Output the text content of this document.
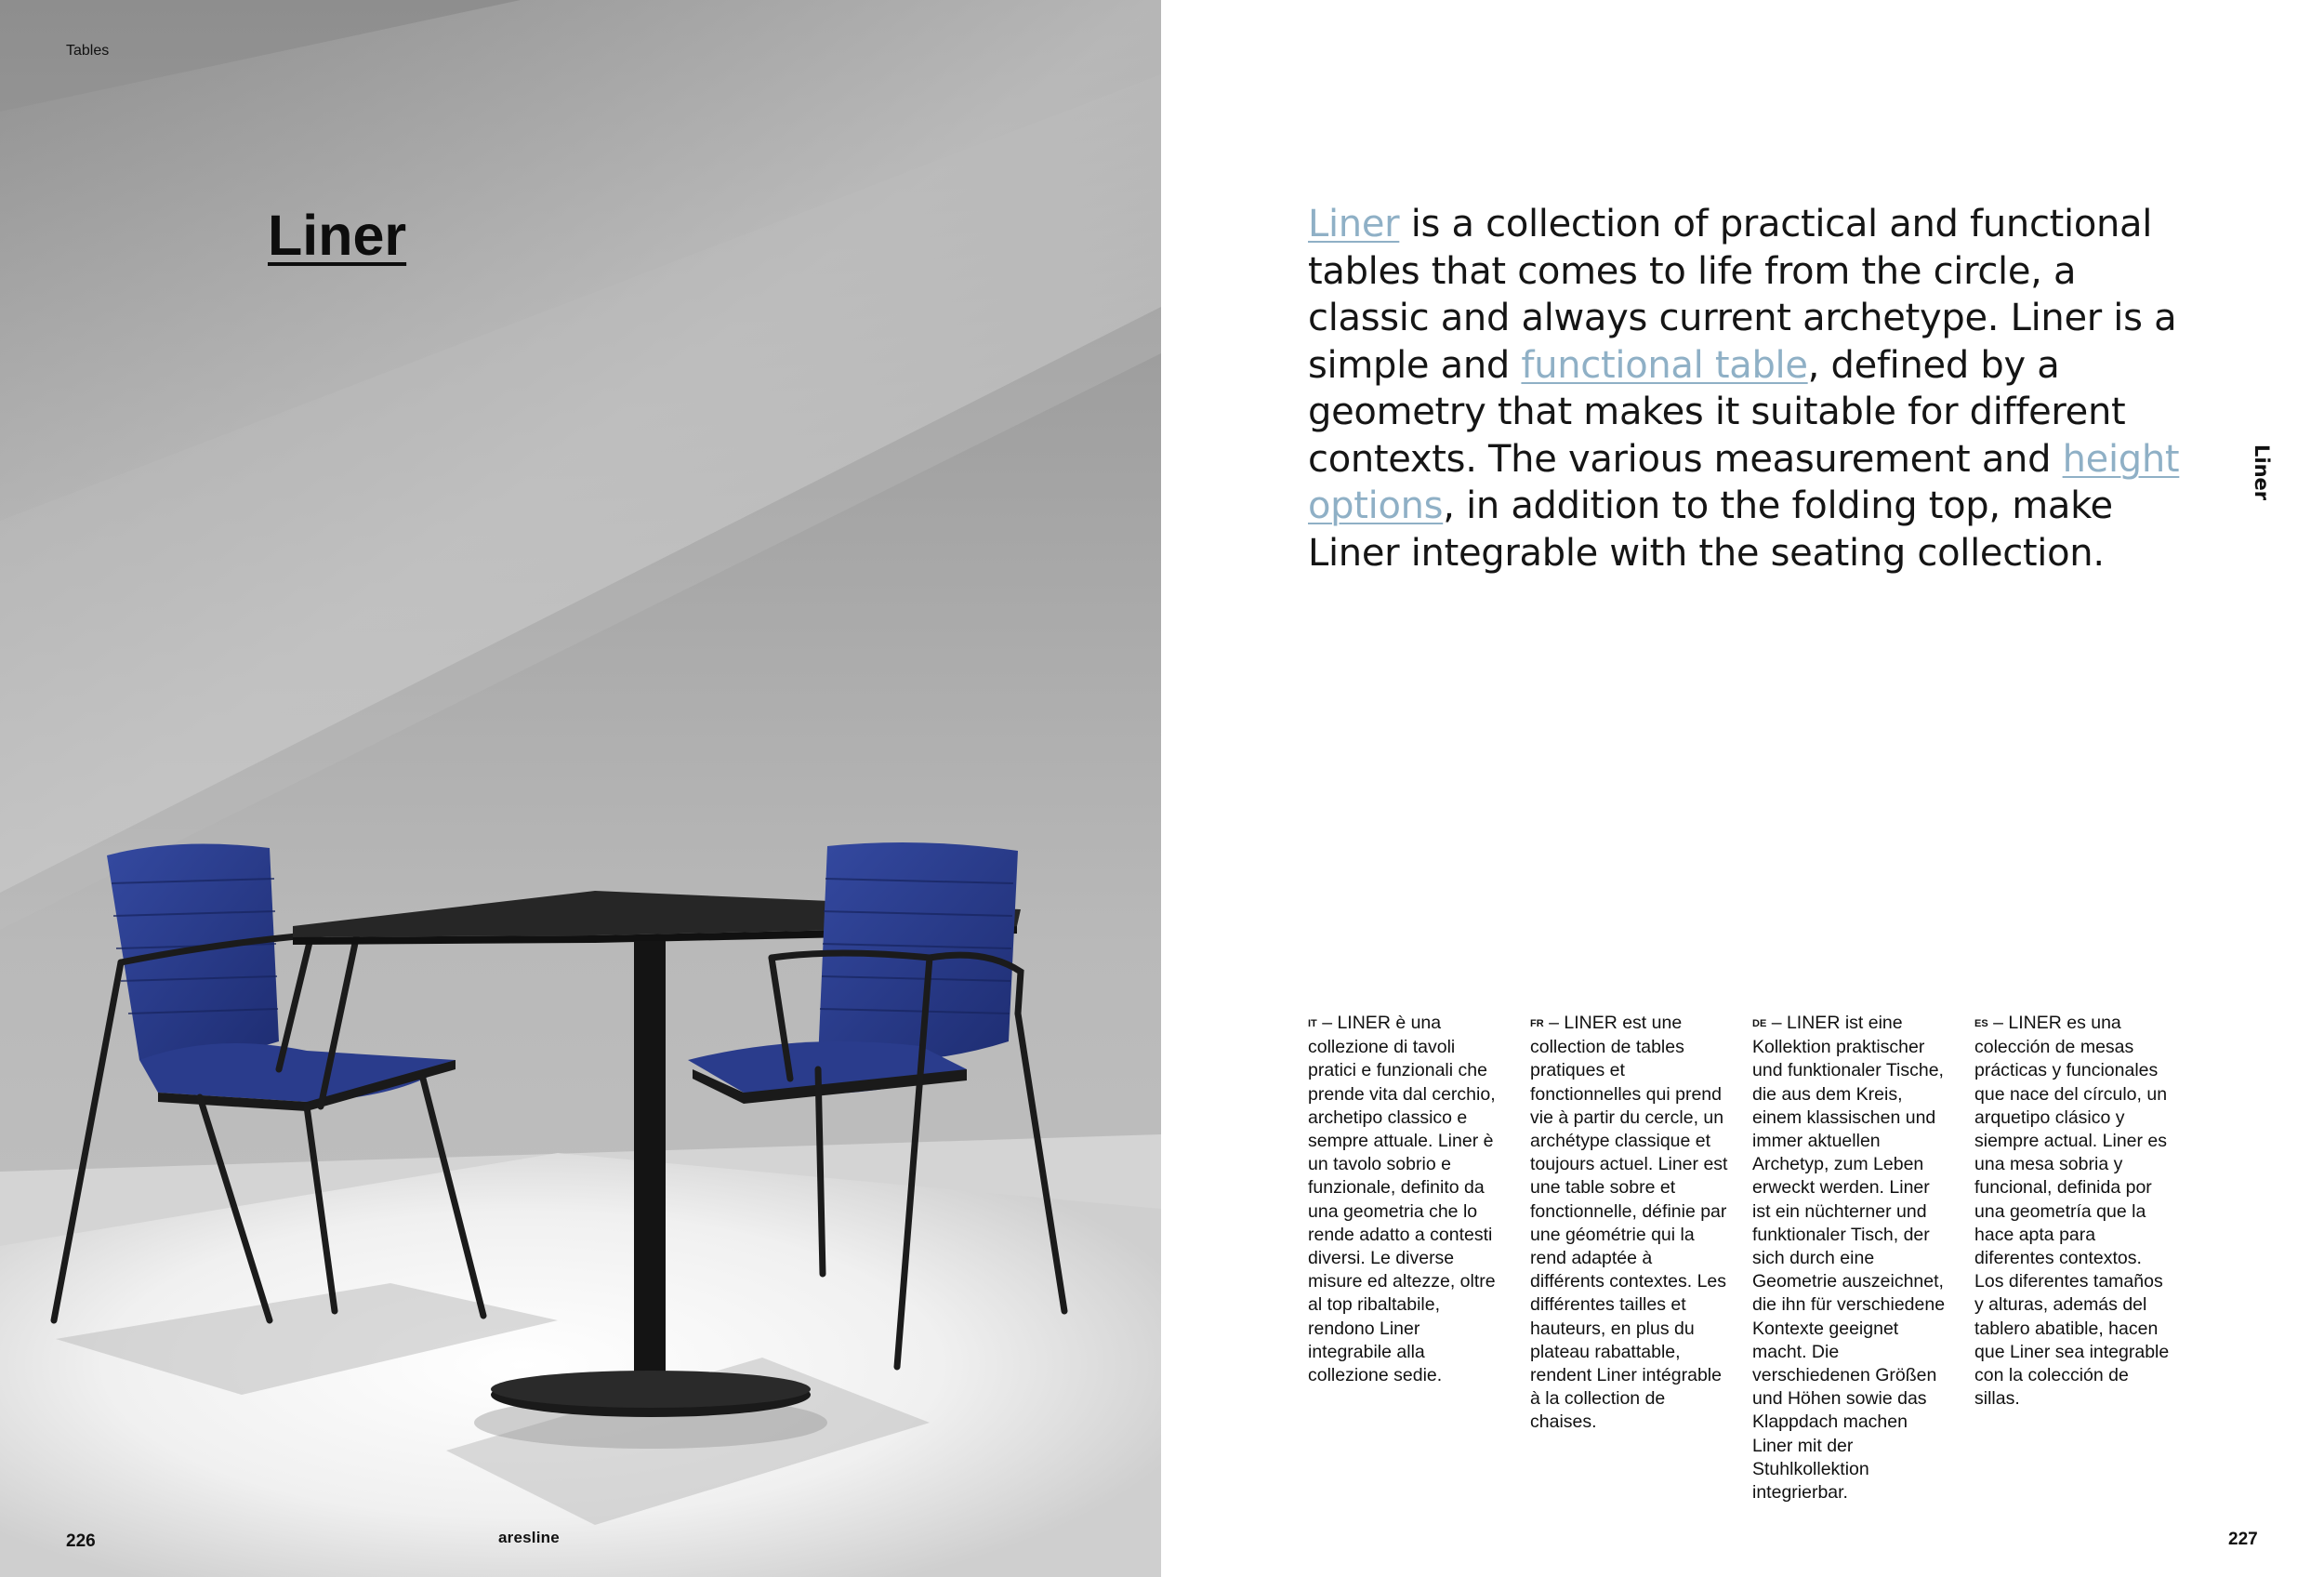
Tables
Liner
226	aresline
Liner is a collection of practical and functional tables that comes to life from the circle, a classic and always current archetype. Liner is a simple and functional table, defined by a geometry that makes it suitable for different contexts. The various measurement and height options, in addition to the folding top, make Liner integrable with the seating collection.
Liner
IT – LINER è una collezione di tavoli pratici e funzionali che prende vita dal cerchio, archetipo classico e sempre attuale. Liner è un tavolo sobrio e funzionale, definito da una geometria che lo rende adatto a contesti diversi. Le diverse misure ed altezze, oltre al top ribaltabile, rendono Liner integrabile alla collezione sedie.
FR – LINER est une collection de tables pratiques et fonctionnelles qui prend vie à partir du cercle, un archétype classique et toujours actuel. Liner est une table sobre et fonctionnelle, définie par une géométrie qui la rend adaptée à différents contextes. Les différentes tailles et hauteurs, en plus du plateau rabattable, rendent Liner intégrable à la collection de chaises.
DE – LINER ist eine Kollektion praktischer und funktionaler Tische, die aus dem Kreis, einem klassischen und immer aktuellen Archetyp, zum Leben erweckt werden. Liner ist ein nüchterner und funktionaler Tisch, der sich durch eine Geometrie auszeichnet, die ihn für verschiedene Kontexte geeignet macht. Die verschiedenen Größen und Höhen sowie das Klappdach machen Liner mit der Stuhlkollektion integrierbar.
ES – LINER es una colección de mesas prácticas y funcionales que nace del círculo, un arquetipo clásico y siempre actual. Liner es una mesa sobria y funcional, definida por una geometría que la hace apta para diferentes contextos. Los diferentes tamaños y alturas, además del tablero abatible, hacen que Liner sea integrable con la colección de sillas.
227
